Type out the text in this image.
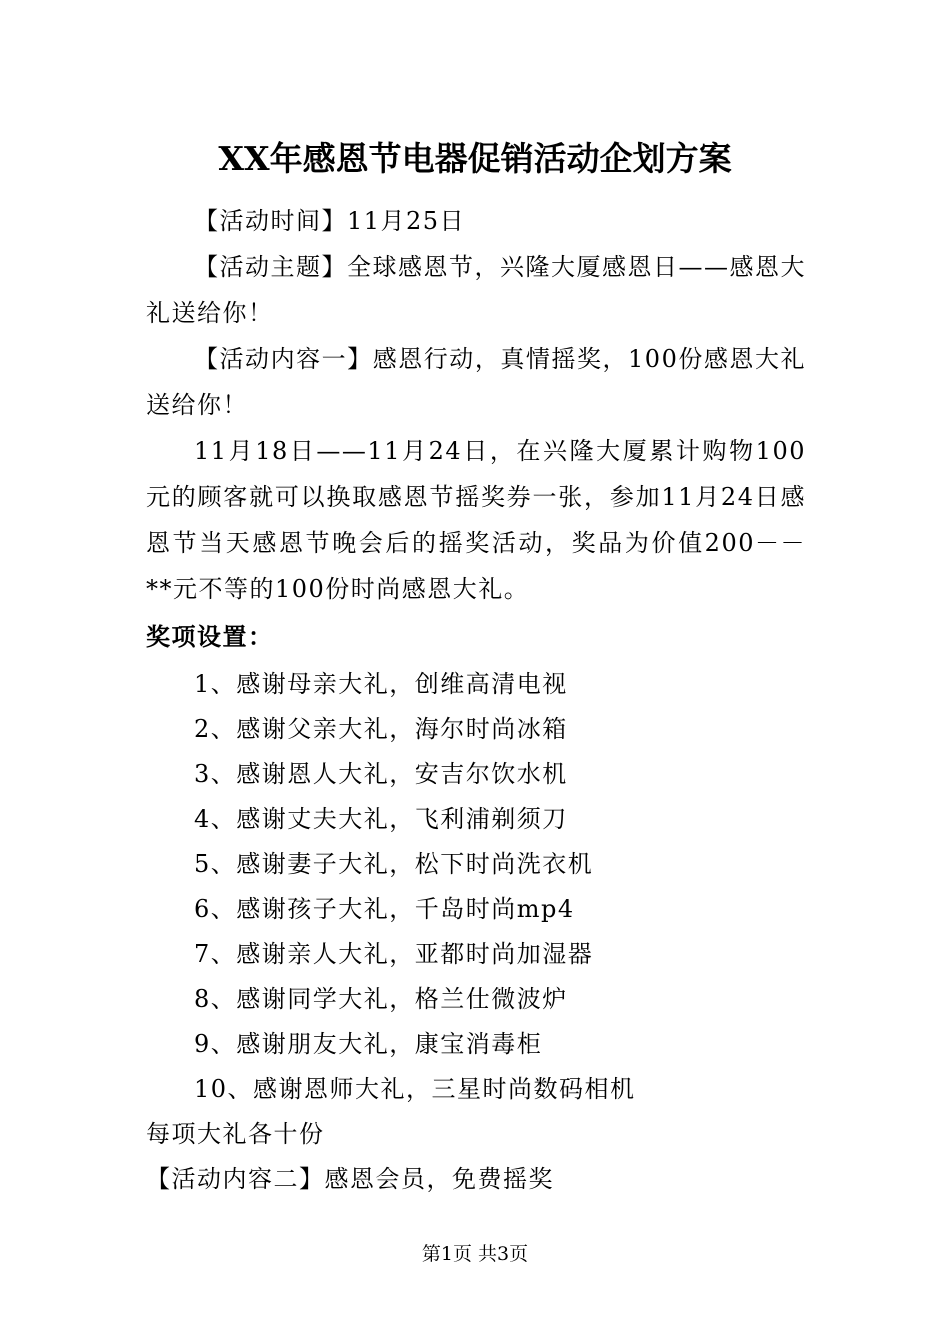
XX年感恩节电器促销活动企划方案

【活动时间】11月25日

【活动主题】全球感恩节，兴隆大厦感恩日——感恩大礼送给你！

【活动内容一】感恩行动，真情摇奖，100份感恩大礼送给你！

11月18日——11月24日，在兴隆大厦累计购物100元的顾客就可以换取感恩节摇奖券一张，参加11月24日感恩节当天感恩节晚会后的摇奖活动，奖品为价值200－－**元不等的100份时尚感恩大礼。

奖项设置：

1、感谢母亲大礼，创维高清电视
2、感谢父亲大礼，海尔时尚冰箱
3、感谢恩人大礼，安吉尔饮水机
4、感谢丈夫大礼，飞利浦剃须刀
5、感谢妻子大礼，松下时尚洗衣机
6、感谢孩子大礼，千岛时尚mp4
7、感谢亲人大礼，亚都时尚加湿器
8、感谢同学大礼，格兰仕微波炉
9、感谢朋友大礼，康宝消毒柜
10、感谢恩师大礼，三星时尚数码相机

每项大礼各十份

【活动内容二】感恩会员，免费摇奖

第1页 共3页
